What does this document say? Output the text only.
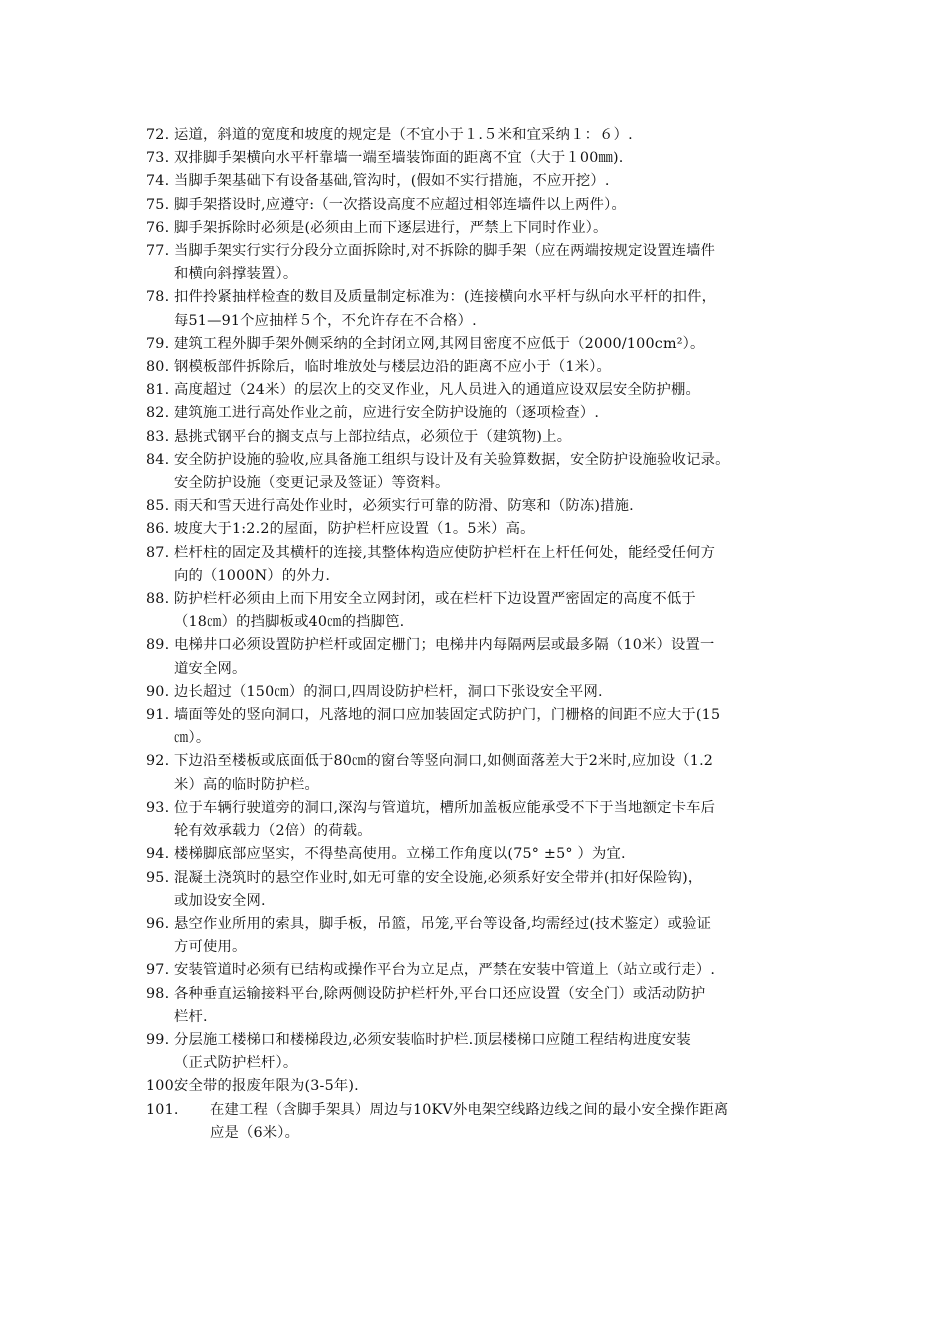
72. 运道，斜道的宽度和坡度的规定是（不宜小于１.５米和宜采纳１：６）.
73. 双排脚手架横向水平杆靠墙一端至墙装饰面的距离不宜（大于１00㎜).
74. 当脚手架基础下有设备基础,管沟时，(假如不实行措施，不应开挖）.
75. 脚手架搭设时,应遵守:（一次搭设高度不应超过相邻连墙件以上两件）。
76. 脚手架拆除时必须是(必须由上而下逐层进行，严禁上下同时作业）。
77. 当脚手架实行实行分段分立面拆除时,对不拆除的脚手架（应在两端按规定设置连墙件
和横向斜撑装置）。
78. 扣件拎紧抽样检查的数目及质量制定标准为：(连接横向水平杆与纵向水平杆的扣件，
每51—91个应抽样５个，不允许存在不合格）.
79. 建筑工程外脚手架外侧采纳的全封闭立网,其网目密度不应低于（2000/100cm²）。
80. 钢模板部件拆除后，临时堆放处与楼层边沿的距离不应小于（1米）。
81. 高度超过（24米）的层次上的交叉作业，凡人员进入的通道应设双层安全防护棚。
82. 建筑施工进行高处作业之前，应进行安全防护设施的（逐项检查）.
83. 悬挑式钢平台的搁支点与上部拉结点，必须位于（建筑物)上。
84. 安全防护设施的验收,应具备施工组织与设计及有关验算数据，安全防护设施验收记录。
安全防护设施（变更记录及签证）等资料。
85. 雨天和雪天进行高处作业时，必须实行可靠的防滑、防寒和（防冻)措施.
86. 坡度大于1:2.2的屋面，防护栏杆应设置（1。5米）高。
87. 栏杆柱的固定及其横杆的连接,其整体构造应使防护栏杆在上杆任何处，能经受任何方
向的（1000N）的外力.
88. 防护栏杆必须由上而下用安全立网封闭，或在栏杆下边设置严密固定的高度不低于
（18㎝）的挡脚板或40㎝的挡脚笆.
89. 电梯井口必须设置防护栏杆或固定栅门；电梯井内每隔两层或最多隔（10米）设置一
道安全网。
90. 边长超过（150㎝）的洞口,四周设防护栏杆，洞口下张设安全平网.
91. 墙面等处的竖向洞口，凡落地的洞口应加装固定式防护门，门栅格的间距不应大于(15
㎝）。
92. 下边沿至楼板或底面低于80㎝的窗台等竖向洞口,如侧面落差大于2米时,应加设（1.2
米）高的临时防护栏。
93. 位于车辆行驶道旁的洞口,深沟与管道坑，槽所加盖板应能承受不下于当地额定卡车后
轮有效承载力（2倍）的荷载。
94. 楼梯脚底部应坚实，不得垫高使用。立梯工作角度以(75° ±5° ）为宜.
95. 混凝土浇筑时的悬空作业时,如无可靠的安全设施,必须系好安全带并(扣好保险钩)，
或加设安全网.
96. 悬空作业所用的索具，脚手板，吊篮，吊笼,平台等设备,均需经过(技术鉴定）或验证
方可使用。
97. 安装管道时必须有已结构或操作平台为立足点，严禁在安装中管道上（站立或行走）.
98. 各种垂直运输接料平台,除两侧设防护栏杆外,平台口还应设置（安全门）或活动防护
栏杆.
99. 分层施工楼梯口和楼梯段边,必须安装临时护栏.顶层楼梯口应随工程结构进度安装
（正式防护栏杆）。
100.
安全带的报废年限为(3-5年).
101.	在建工程（含脚手架具）周边与10KV外电架空线路边线之间的最小安全操作距离
应是（6米）。
